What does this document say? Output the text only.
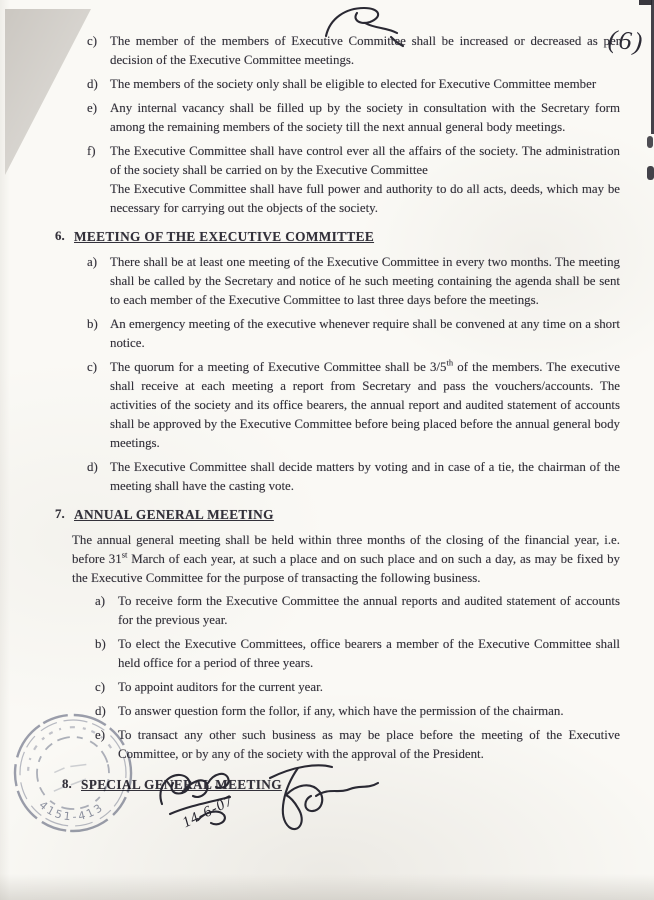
(6)
c)	The member of the members of Executive Committee shall be increased or decreased as per decision of the Executive Committee meetings.
d) The members of the society only shall be eligible to elected for Executive Committee member
e)	Any internal vacancy shall be filled up by the society in consultation with the Secretary form among the remaining members of the society till the next annual general body meetings.
f)	The Executive Committee shall have control ever all the affairs of the society. The administration of the society shall be carried on by the Executive Committee
The Executive Committee shall have full power and authority to do all acts, deeds, which may be necessary for carrying out the objects of the society.
6. MEETING OF THE EXECUTIVE COMMITTEE
a)	There shall be at least one meeting of the Executive Committee in every two months. The meeting shall be called by the Secretary and notice of he such meeting containing the agenda shall be sent to each member of the Executive Committee to last three days before the meetings.
b) An emergency meeting of the executive whenever require shall be convened at any time on a short notice.
c)	The quorum for a meeting of Executive Committee shall be 3/5th of the members. The executive shall receive at each meeting a report from Secretary and pass the vouchers/accounts. The activities of the society and its office bearers, the annual report and audited statement of accounts shall be approved by the Executive Committee before being placed before the annual general body meetings.
d) The Executive Committee shall decide matters by voting and in case of a tie, the chairman of the meeting shall have the casting vote.
7. ANNUAL GENERAL MEETING
The annual general meeting shall be held within three months of the closing of the financial year, i.e. before 31st March of each year, at such a place and on such place and on such a day, as may be fixed by the Executive Committee for the purpose of transacting the following business.
a)	To receive form the Executive Committee the annual reports and audited statement of accounts for the previous year.
b) To elect the Executive Committees, office bearers a member of the Executive Committee shall held office for a period of three years.
c)	To appoint auditors for the current year.
d) To answer question form the follor, if any, which have the permission of the chairman.
e)	To transact any other such business as may be place before the meeting of the Executive Committee, or by any of the society with the approval of the President.
8. SPECIAL GENERAL MEETING
4151-413	14-6-07
